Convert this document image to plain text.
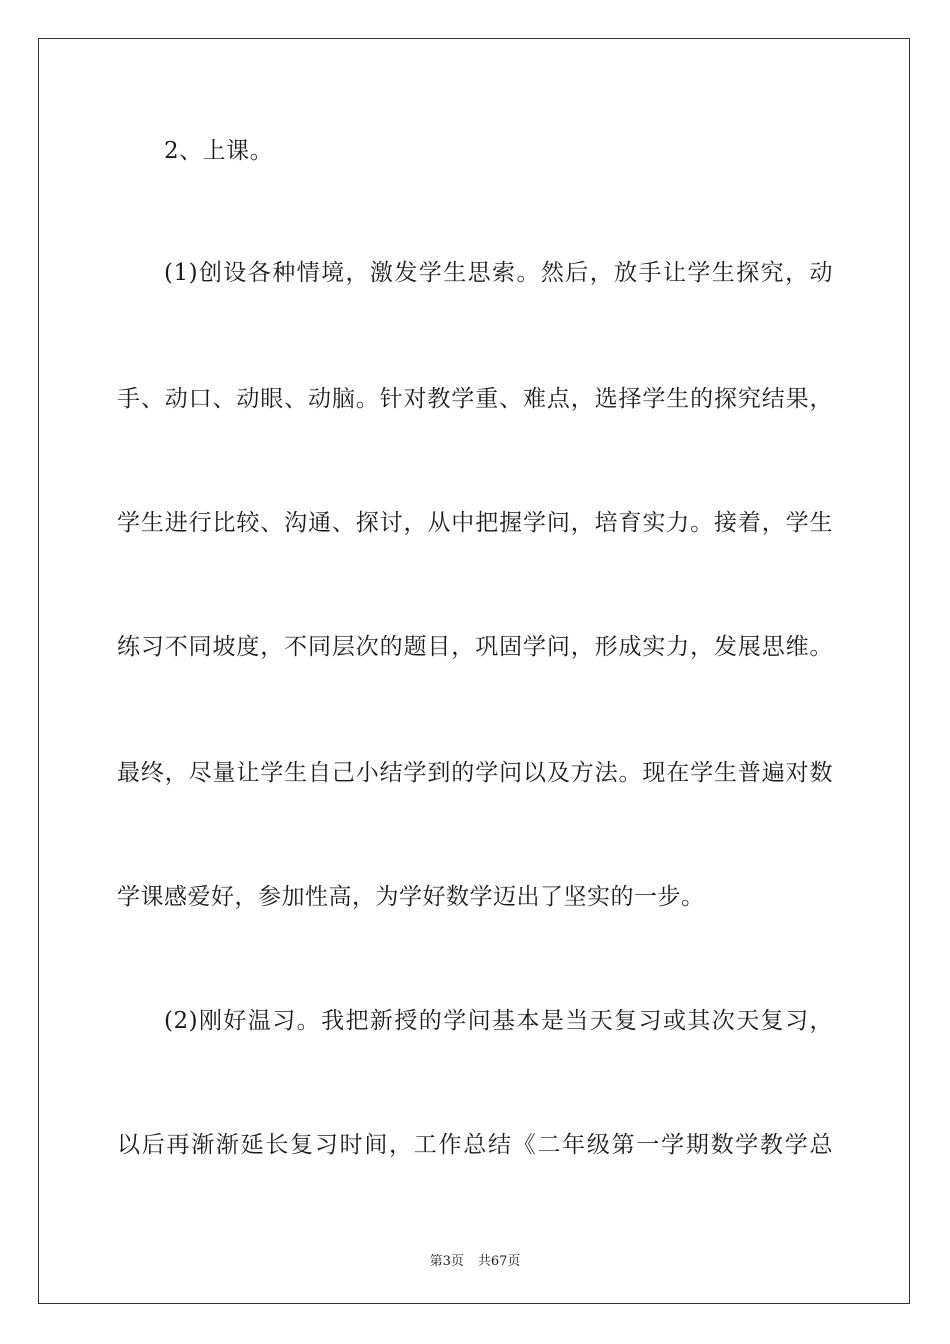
2、上课。
(1)创设各种情境，激发学生思索。然后，放手让学生探究，动
手、动口、动眼、动脑。针对教学重、难点，选择学生的探究结果，
学生进行比较、沟通、探讨，从中把握学问，培育实力。接着，学生
练习不同坡度，不同层次的题目，巩固学问，形成实力，发展思维。
最终，尽量让学生自己小结学到的学问以及方法。现在学生普遍对数
学课感爱好，参加性高，为学好数学迈出了坚实的一步。
(2)刚好温习。我把新授的学问基本是当天复习或其次天复习，
以后再渐渐延长复习时间，工作总结《二年级第一学期数学教学总
第3页 共67页
